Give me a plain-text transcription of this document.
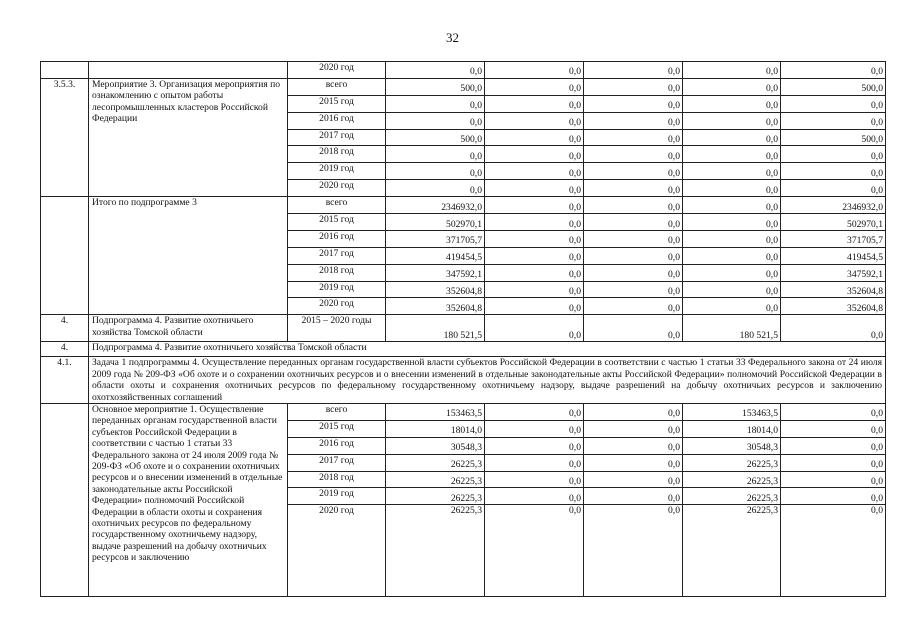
32
		2020 год	0,0	0,0	0,0	0,0	0,0
3.5.3.	Мероприятие 3. Организация мероприятия по ознакомлению с опытом работы лесопромышленных кластеров Российской Федерации	всего	500,0	0,0	0,0	0,0	500,0
		2015 год	0,0	0,0	0,0	0,0	0,0
		2016 год	0,0	0,0	0,0	0,0	0,0
		2017 год	500,0	0,0	0,0	0,0	500,0
		2018 год	0,0	0,0	0,0	0,0	0,0
		2019 год	0,0	0,0	0,0	0,0	0,0
		2020 год	0,0	0,0	0,0	0,0	0,0
	Итого по подпрограмме 3	всего	2346932,0	0,0	0,0	0,0	2346932,0
		2015 год	502970,1	0,0	0,0	0,0	502970,1
		2016 год	371705,7	0,0	0,0	0,0	371705,7
		2017 год	419454,5	0,0	0,0	0,0	419454,5
		2018 год	347592,1	0,0	0,0	0,0	347592,1
		2019 год	352604,8	0,0	0,0	0,0	352604,8
		2020 год	352604,8	0,0	0,0	0,0	352604,8
4.	Подпрограмма 4. Развитие охотничьего хозяйства Томской области	2015 – 2020 годы	180 521,5	0,0	0,0	180 521,5	0,0
4.	Подпрограмма 4. Развитие охотничьего хозяйства Томской области						
4.1.	Задача 1 подпрограммы 4. Осуществление переданных органам государственной власти субъектов Российской Федерации в соответствии с частью 1 статьи 33 Федерального закона от 24 июля 2009 года № 209-ФЗ «Об охоте и о сохранении охотничьих ресурсов и о внесении изменений в отдельные законодательные акты Российской Федерации» полномочий Российской Федерации в области охоты и сохранения охотничьих ресурсов по федеральному государственному охотничьему надзору, выдаче разрешений на добычу охотничьих ресурсов и заключению охотхозяйственных соглашений						
	Основное мероприятие 1. Осуществление переданных органам государственной власти субъектов Российской Федерации в соответствии с частью 1 статьи 33 Федерального закона от 24 июля 2009 года № 209-ФЗ «Об охоте и о сохранении охотничьих ресурсов и о внесении изменений в отдельные законодательные акты Российской Федерации» полномочий Российской Федерации в области охоты и сохранения охотничьих ресурсов по федеральному государственному охотничьему надзору, выдаче разрешений на добычу охотничьих ресурсов и заключению	всего	153463,5	0,0	0,0	153463,5	0,0
		2015 год	18014,0	0,0	0,0	18014,0	0,0
		2016 год	30548,3	0,0	0,0	30548,3	0,0
		2017 год	26225,3	0,0	0,0	26225,3	0,0
		2018 год	26225,3	0,0	0,0	26225,3	0,0
		2019 год	26225,3	0,0	0,0	26225,3	0,0
		2020 год	26225,3	0,0	0,0	26225,3	0,0
